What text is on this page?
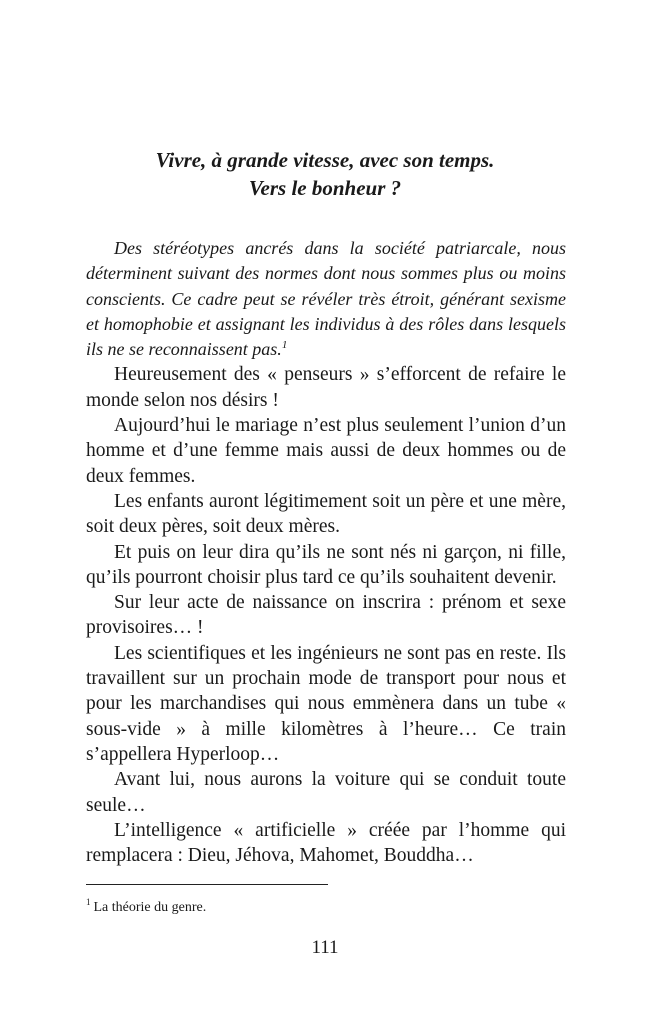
Vivre, à grande vitesse, avec son temps.
Vers le bonheur ?

Des stéréotypes ancrés dans la société patriarcale, nous déterminent suivant des normes dont nous sommes plus ou moins conscients. Ce cadre peut se révéler très étroit, générant sexisme et homophobie et assignant les individus à des rôles dans lesquels ils ne se reconnaissent pas.$^1$

Heureusement des « penseurs » s’efforcent de refaire le monde selon nos désirs !

Aujourd’hui le mariage n’est plus seulement l’union d’un homme et d’une femme mais aussi de deux hommes ou de deux femmes.

Les enfants auront légitimement soit un père et une mère, soit deux pères, soit deux mères.

Et puis on leur dira qu’ils ne sont nés ni garçon, ni fille, qu’ils pourront choisir plus tard ce qu’ils souhaitent devenir.

Sur leur acte de naissance on inscrira : prénom et sexe provisoires… !

Les scientifiques et les ingénieurs ne sont pas en reste. Ils travaillent sur un prochain mode de transport pour nous et pour les marchandises qui nous emmènera dans un tube « sous-vide » à mille kilomètres à l’heure… Ce train s’appellera Hyperloop…

Avant lui, nous aurons la voiture qui se conduit toute seule…

L’intelligence « artificielle » créée par l’homme qui remplacera : Dieu, Jéhova, Mahomet, Bouddha…

$^1$ La théorie du genre.
111
